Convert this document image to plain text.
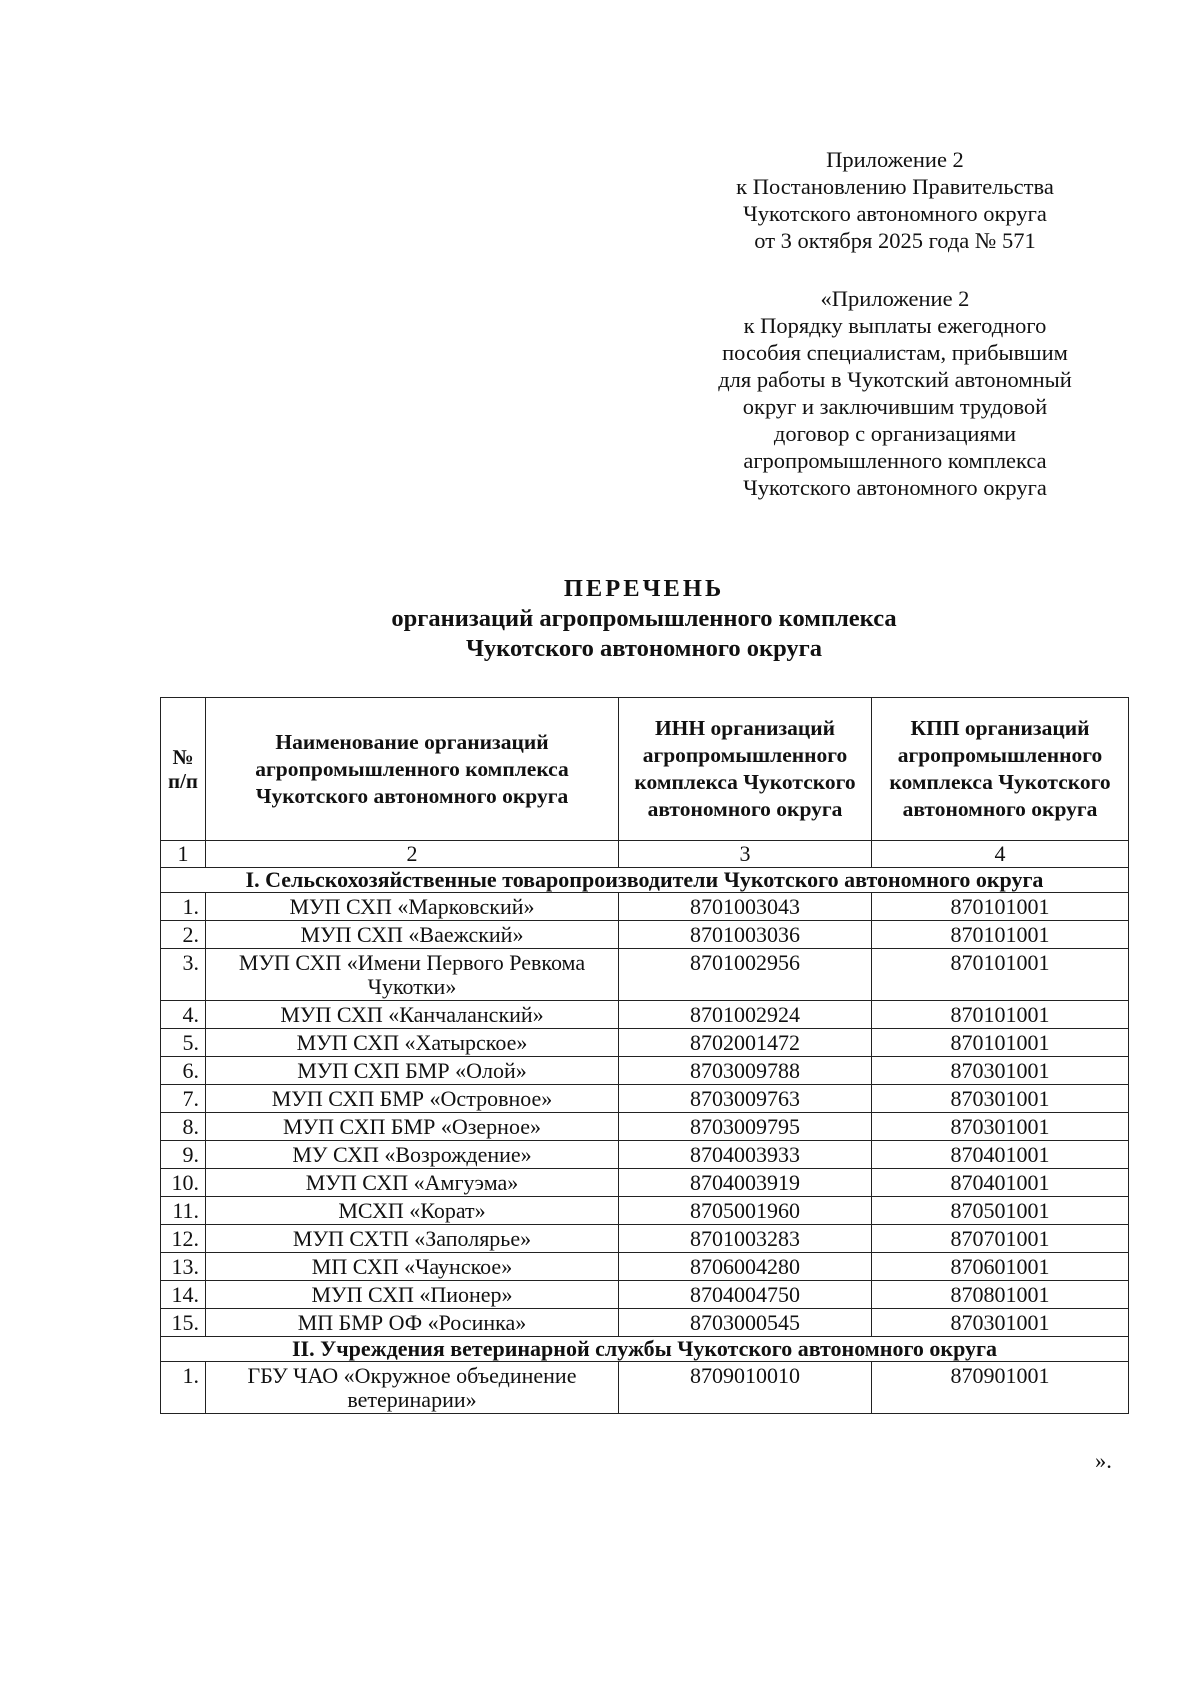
Приложение 2
к Постановлению Правительства
Чукотского автономного округа
от 3 октября 2025 года № 571
«Приложение 2
к Порядку выплаты ежегодного
пособия специалистам, прибывшим
для работы в Чукотский автономный
округ и заключившим трудовой
договор с организациями
агропромышленного комплекса
Чукотского автономного округа
ПЕРЕЧЕНЬ
организаций агропромышленного комплекса
Чукотского автономного округа
№ п/п	Наименование организаций агропромышленного комплекса Чукотского автономного округа	ИНН организаций агропромышленного комплекса Чукотского автономного округа	КПП организаций агропромышленного комплекса Чукотского автономного округа
1	2	3	4
I. Сельскохозяйственные товаропроизводители Чукотского автономного округа			
1.	МУП СХП «Марковский»	8701003043	870101001
2.	МУП СХП «Ваежский»	8701003036	870101001
3.	МУП СХП «Имени Первого Ревкома Чукотки»	8701002956	870101001
4.	МУП СХП «Канчаланский»	8701002924	870101001
5.	МУП СХП «Хатырское»	8702001472	870101001
6.	МУП СХП БМР «Олой»	8703009788	870301001
7.	МУП СХП БМР «Островное»	8703009763	870301001
8.	МУП СХП БМР «Озерное»	8703009795	870301001
9.	МУ СХП «Возрождение»	8704003933	870401001
10.	МУП СХП «Амгуэма»	8704003919	870401001
11.	МСХП «Корат»	8705001960	870501001
12.	МУП СХТП «Заполярье»	8701003283	870701001
13.	МП СХП «Чаунское»	8706004280	870601001
14.	МУП СХП «Пионер»	8704004750	870801001
15.	МП БМР ОФ «Росинка»	8703000545	870301001
II. Учреждения ветеринарной службы Чукотского автономного округа			
1.	ГБУ ЧАО «Окружное объединение ветеринарии»	8709010010	870901001
».
